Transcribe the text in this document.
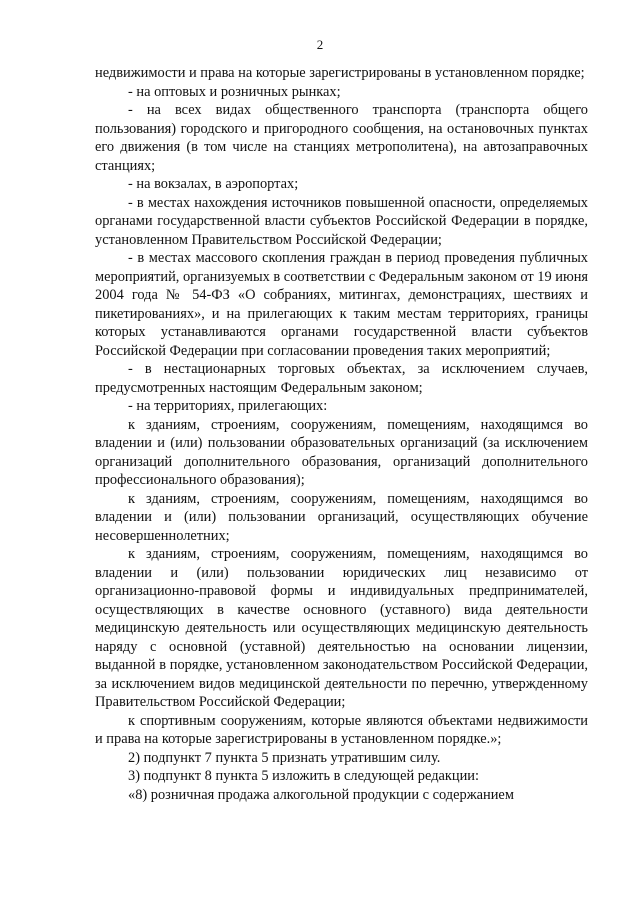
2

недвижимости и права на которые зарегистрированы в установленном порядке;

- на оптовых и розничных рынках;

- на всех видах общественного транспорта (транспорта общего пользования) городского и пригородного сообщения, на остановочных пунктах его движения (в том числе на станциях метрополитена), на автозаправочных станциях;

- на вокзалах, в аэропортах;

- в местах нахождения источников повышенной опасности, определяемых органами государственной власти субъектов Российской Федерации в порядке, установленном Правительством Российской Федерации;

- в местах массового скопления граждан в период проведения публичных мероприятий, организуемых в соответствии с Федеральным законом от 19 июня 2004 года № 54-ФЗ «О собраниях, митингах, демонстрациях, шествиях и пикетированиях», и на прилегающих к таким местам территориях, границы которых устанавливаются органами государственной власти субъектов Российской Федерации при согласовании проведения таких мероприятий;

- в нестационарных торговых объектах, за исключением случаев, предусмотренных настоящим Федеральным законом;

- на территориях, прилегающих:

к зданиям, строениям, сооружениям, помещениям, находящимся во владении и (или) пользовании образовательных организаций (за исключением организаций дополнительного образования, организаций дополнительного профессионального образования);

к зданиям, строениям, сооружениям, помещениям, находящимся во владении и (или) пользовании организаций, осуществляющих обучение несовершеннолетних;

к зданиям, строениям, сооружениям, помещениям, находящимся во владении и (или) пользовании юридических лиц независимо от организационно-правовой формы и индивидуальных предпринимателей, осуществляющих в качестве основного (уставного) вида деятельности медицинскую деятельность или осуществляющих медицинскую деятельность наряду с основной (уставной) деятельностью на основании лицензии, выданной в порядке, установленном законодательством Российской Федерации, за исключением видов медицинской деятельности по перечню, утвержденному Правительством Российской Федерации;

к спортивным сооружениям, которые являются объектами недвижимости и права на которые зарегистрированы в установленном порядке.»;

2) подпункт 7 пункта 5 признать утратившим силу.

3) подпункт 8 пункта 5 изложить в следующей редакции:

«8) розничная продажа алкогольной продукции с содержанием
